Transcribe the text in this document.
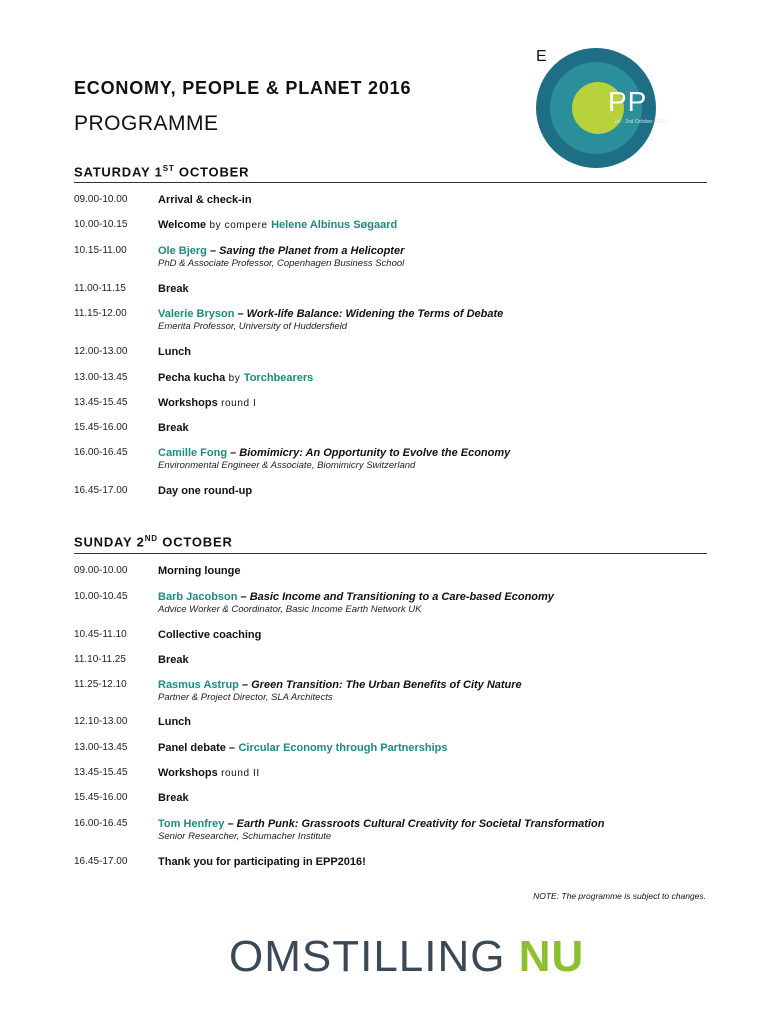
ECONOMY, PEOPLE & PLANET 2016
PROGRAMME
E
PP 16
1st - 2nd October 2016
SATURDAY 1ST OCTOBER
09.00-10.00	Arrival & check-in
10.00-10.15	Welcome by compere Helene Albinus Søgaard
10.15-11.00	Ole Bjerg – Saving the Planet from a Helicopter
PhD & Associate Professor, Copenhagen Business School
11.00-11.15	Break
11.15-12.00	Valerie Bryson – Work-life Balance: Widening the Terms of Debate
Emerita Professor, University of Huddersfield
12.00-13.00	Lunch
13.00-13.45	Pecha kucha by Torchbearers
13.45-15.45	Workshops round I
15.45-16.00	Break
16.00-16.45	Camille Fong – Biomimicry: An Opportunity to Evolve the Economy
Environmental Engineer & Associate, Biomimicry Switzerland
16.45-17.00	Day one round-up
SUNDAY 2ND OCTOBER
09.00-10.00	Morning lounge
10.00-10.45	Barb Jacobson – Basic Income and Transitioning to a Care-based Economy
Advice Worker & Coordinator, Basic Income Earth Network UK
10.45-11.10	Collective coaching
11.10-11.25	Break
11.25-12.10	Rasmus Astrup – Green Transition: The Urban Benefits of City Nature
Partner & Project Director, SLA Architects
12.10-13.00	Lunch
13.00-13.45	Panel debate – Circular Economy through Partnerships
13.45-15.45	Workshops round II
15.45-16.00	Break
16.00-16.45	Tom Henfrey – Earth Punk: Grassroots Cultural Creativity for Societal Transformation
Senior Researcher, Schumacher Institute
16.45-17.00	Thank you for participating in EPP2016!
NOTE: The programme is subject to changes.
OMSTILLING NU
